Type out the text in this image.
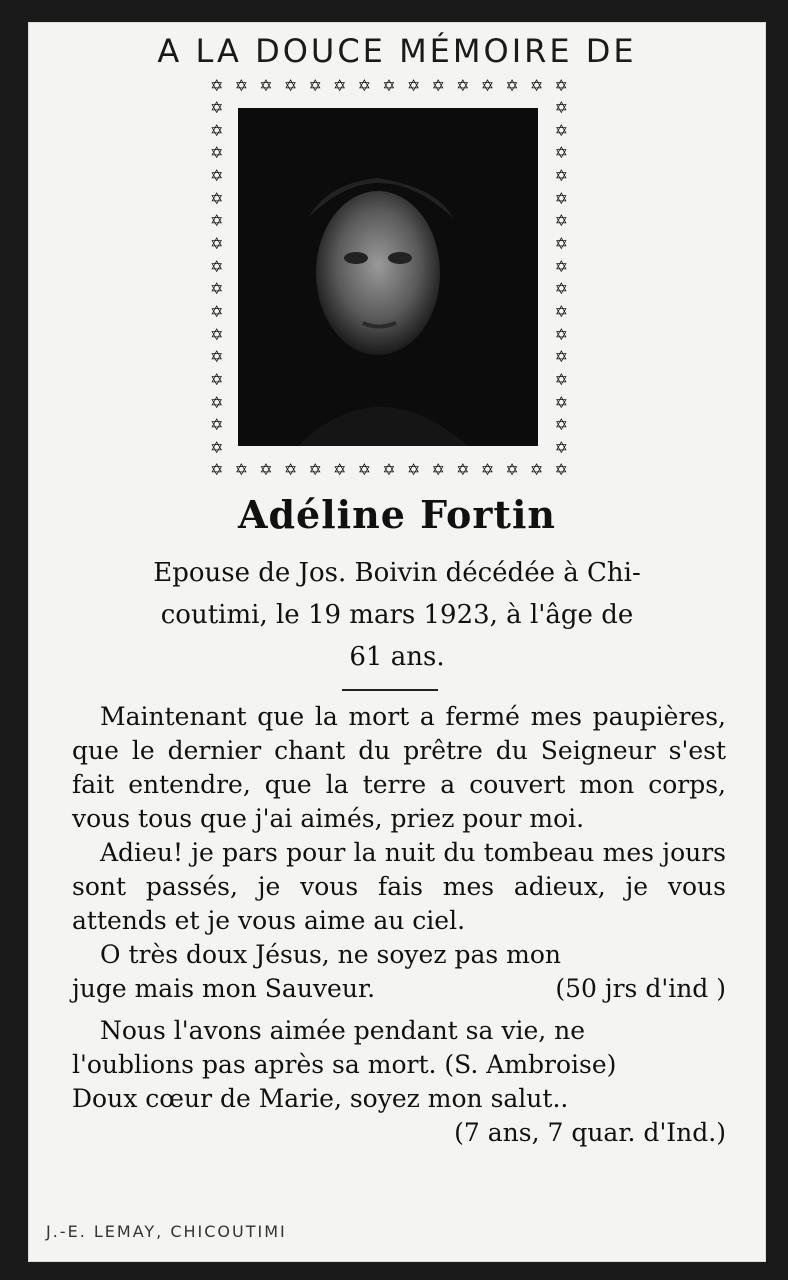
A LA DOUCE MÉMOIRE DE
✡ ✡ ✡ ✡ ✡ ✡ ✡ ✡ ✡ ✡ ✡ ✡ ✡ ✡ ✡
✡ ✡ ✡ ✡ ✡ ✡ ✡ ✡ ✡ ✡ ✡ ✡ ✡ ✡ ✡
✡
✡
✡
✡
✡
✡
✡
✡
✡
✡
✡
✡
✡
✡
✡
✡
✡
✡
✡
✡
✡
✡
✡
✡
✡
✡
✡
✡
✡
✡
✡
✡
Adéline Fortin
Epouse de Jos. Boivin décédée à Chi-
coutimi, le 19 mars 1923, à l'âge de
61 ans.

Maintenant que la mort a fermé mes paupières, que le dernier chant du prêtre du Seigneur s'est fait entendre, que la terre a couvert mon corps, vous tous que j'ai aimés, priez pour moi.

Adieu! je pars pour la nuit du tombeau mes jours sont passés, je vous fais mes adieux, je vous attends et je vous aime au ciel.

O très doux Jésus, ne soyez pas mon

juge mais mon Sauveur.	(50 jrs d'ind )

Nous l'avons aimée pendant sa vie, ne

l'oublions pas après sa mort. (S. Ambroise)

Doux cœur de Marie, soyez mon salut..

(7 ans, 7 quar. d'Ind.)
J.-E. LEMAY, CHICOUTIMI
